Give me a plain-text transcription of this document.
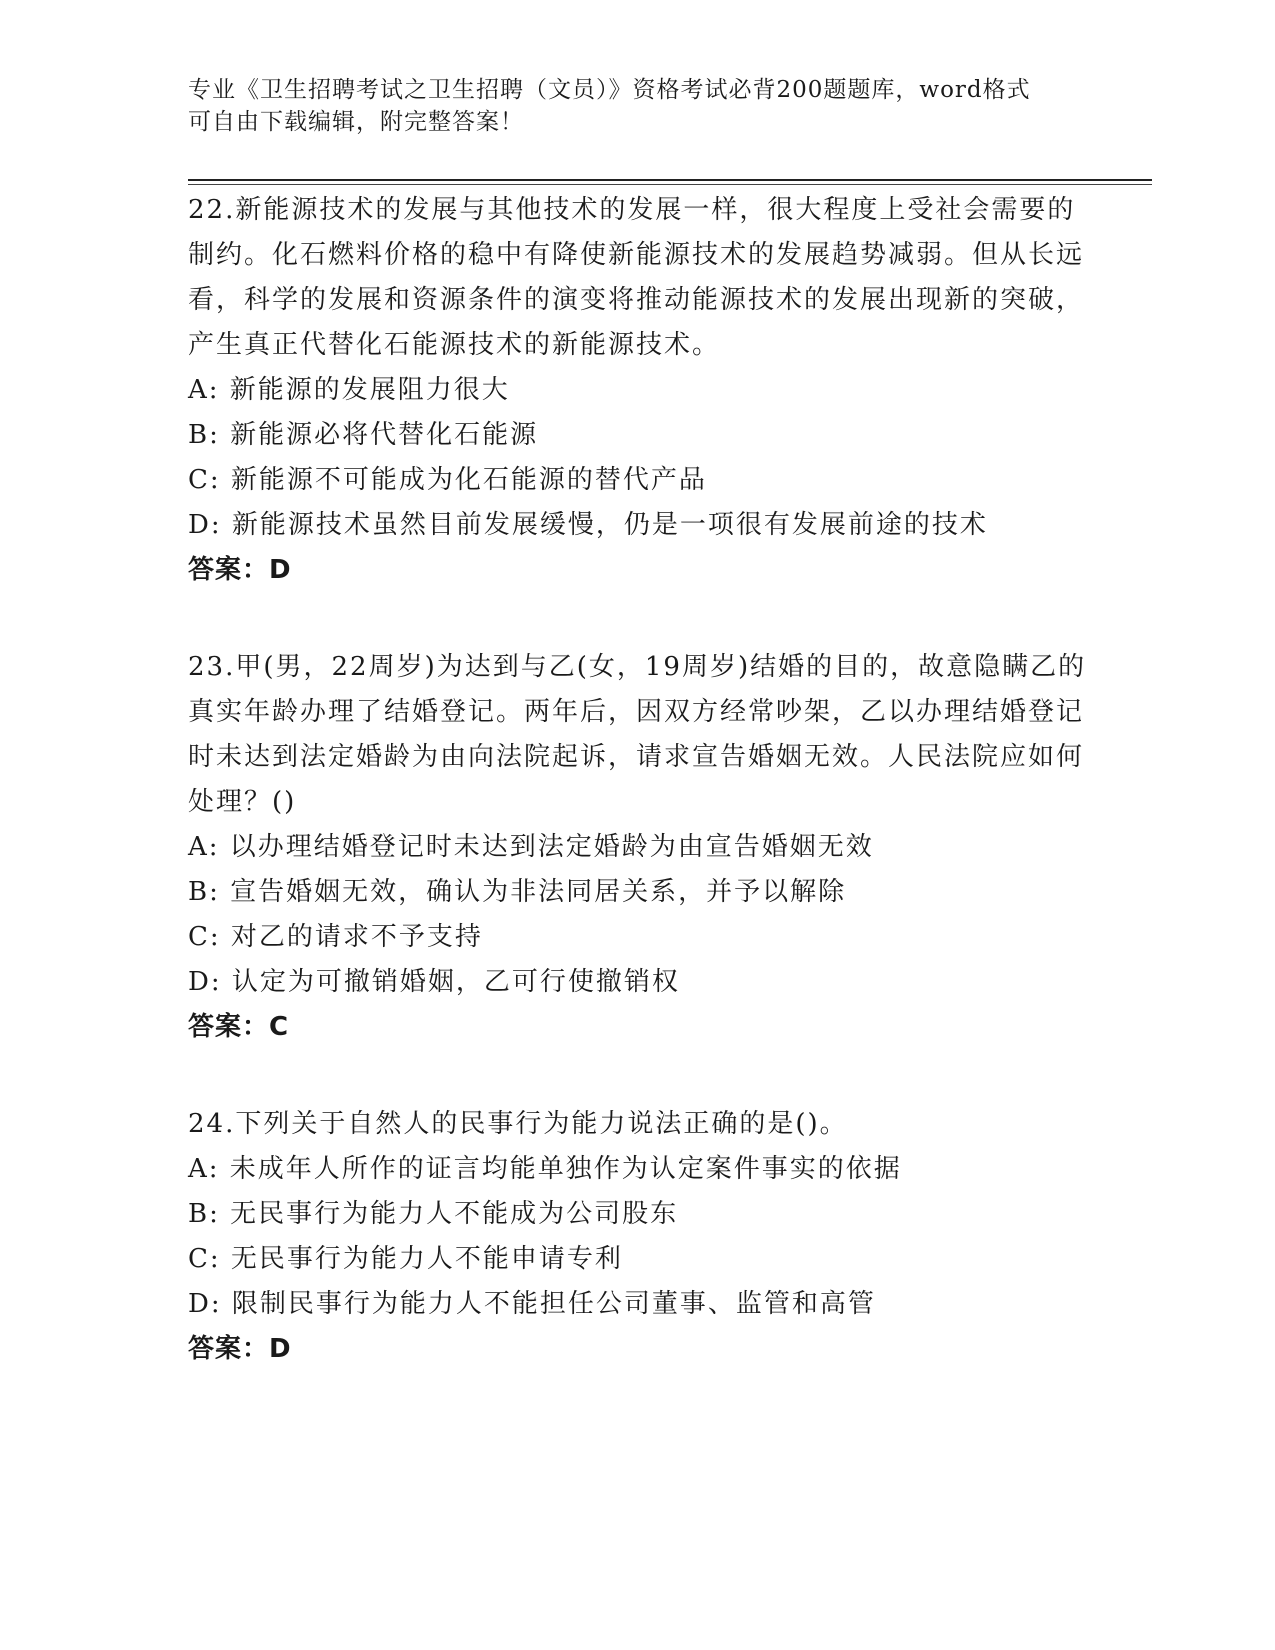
专业《卫生招聘考试之卫生招聘（文员）》资格考试必背200题题库，word格式
可自由下载编辑，附完整答案！

22.新能源技术的发展与其他技术的发展一样，很大程度上受社会需要的制约。化石燃料价格的稳中有降使新能源技术的发展趋势减弱。但从长远看，科学的发展和资源条件的演变将推动能源技术的发展出现新的突破，产生真正代替化石能源技术的新能源技术。

A: 新能源的发展阻力很大

B: 新能源必将代替化石能源

C: 新能源不可能成为化石能源的替代产品

D: 新能源技术虽然目前发展缓慢，仍是一项很有发展前途的技术

答案：D

23.甲(男，22周岁)为达到与乙(女，19周岁)结婚的目的，故意隐瞒乙的真实年龄办理了结婚登记。两年后，因双方经常吵架，乙以办理结婚登记时未达到法定婚龄为由向法院起诉，请求宣告婚姻无效。人民法院应如何处理？()

A: 以办理结婚登记时未达到法定婚龄为由宣告婚姻无效

B: 宣告婚姻无效，确认为非法同居关系，并予以解除

C: 对乙的请求不予支持

D: 认定为可撤销婚姻，乙可行使撤销权

答案：C

24.下列关于自然人的民事行为能力说法正确的是()。

A: 未成年人所作的证言均能单独作为认定案件事实的依据

B: 无民事行为能力人不能成为公司股东

C: 无民事行为能力人不能申请专利

D: 限制民事行为能力人不能担任公司董事、监管和高管

答案：D
